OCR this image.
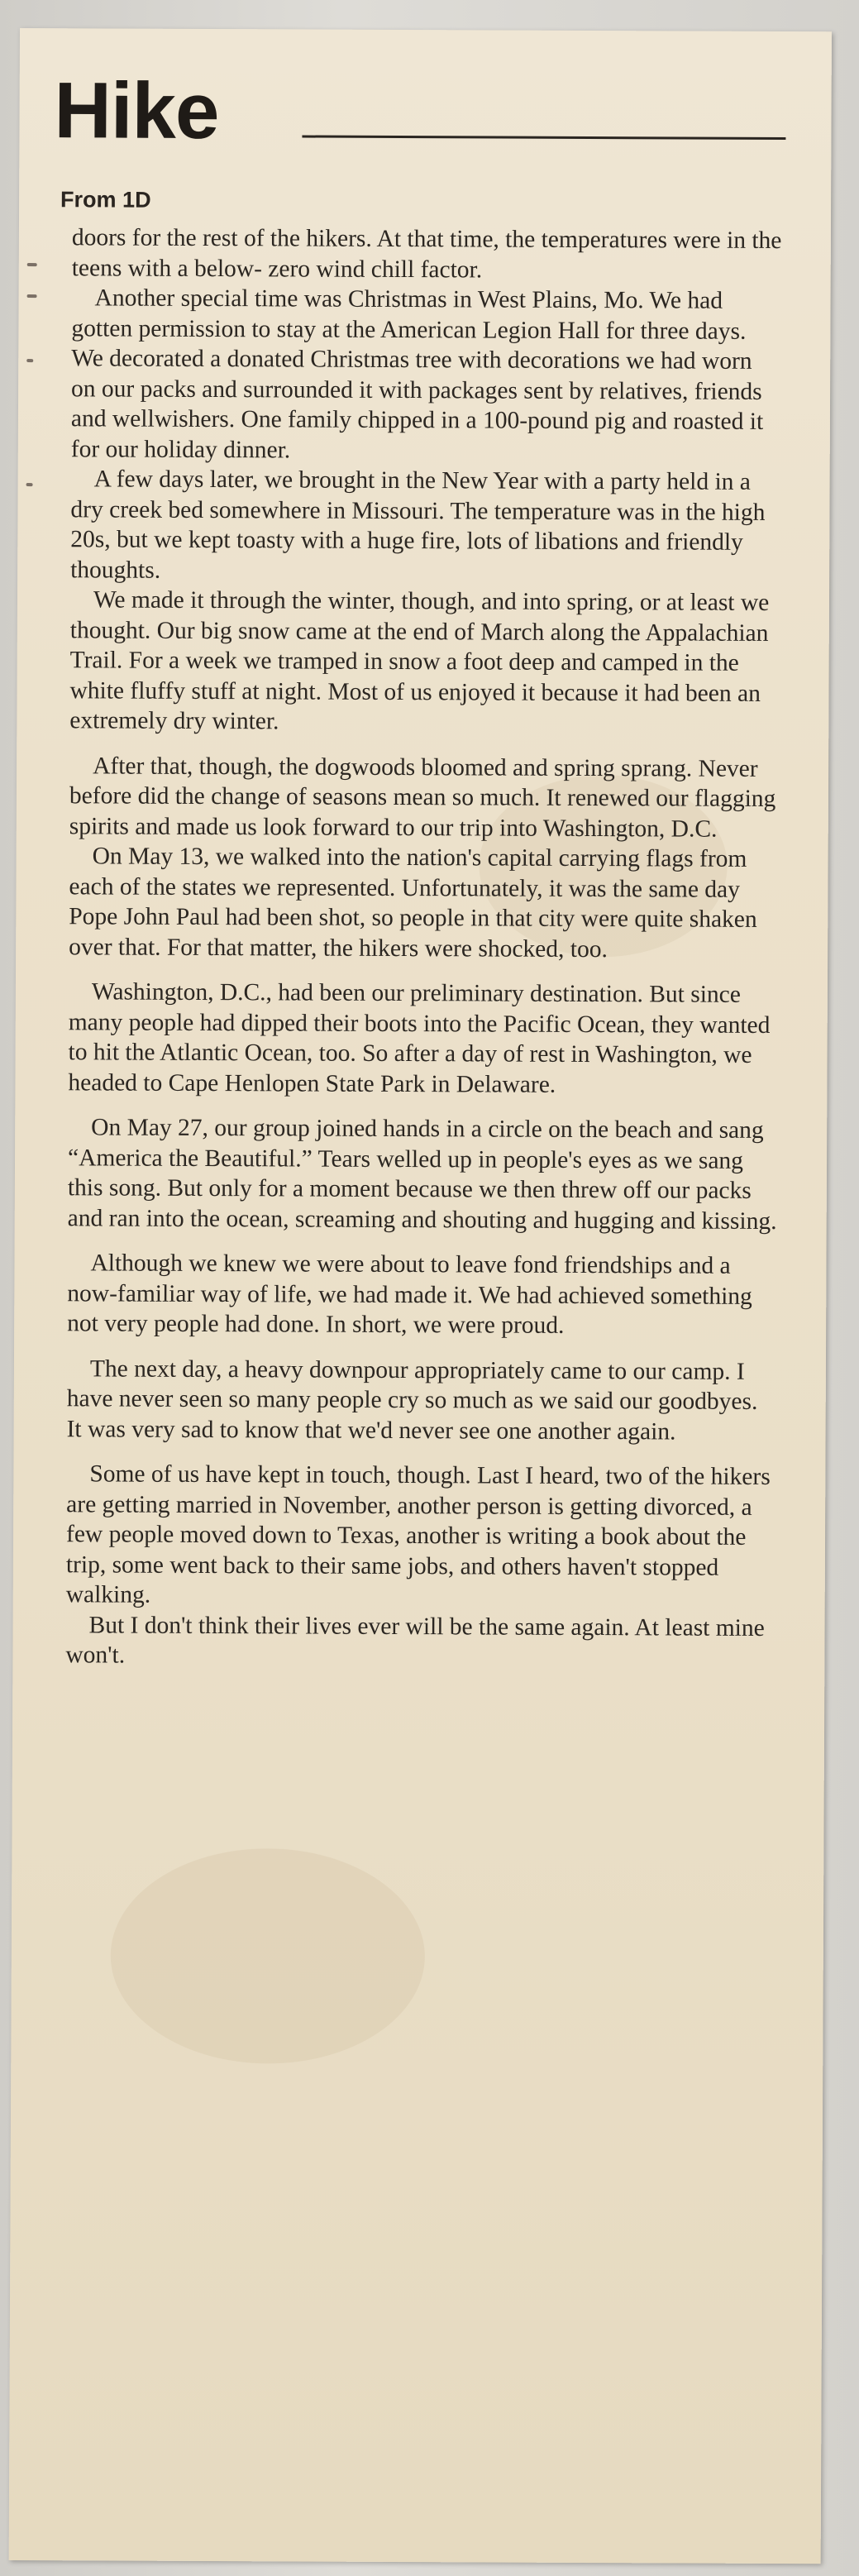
Hike
From 1D

doors for the rest of the hikers. At that time, the temperatures were in the teens with a below- zero wind chill factor.

Another special time was Christmas in West Plains, Mo. We had gotten permission to stay at the American Legion Hall for three days. We decorated a donated Christmas tree with decorations we had worn on our packs and surrounded it with packages sent by relatives, friends and wellwishers. One family chipped in a 100-pound pig and roasted it for our holiday dinner.

A few days later, we brought in the New Year with a party held in a dry creek bed somewhere in Missouri. The temperature was in the high 20s, but we kept toasty with a huge fire, lots of libations and friendly thoughts.

We made it through the winter, though, and into spring, or at least we thought. Our big snow came at the end of March along the Appalachian Trail. For a week we tramped in snow a foot deep and camped in the white fluffy stuff at night. Most of us enjoyed it because it had been an extremely dry winter.

After that, though, the dogwoods bloomed and spring sprang. Never before did the change of seasons mean so much. It renewed our flagging spirits and made us look forward to our trip into Washington, D.C.

On May 13, we walked into the nation's capital carrying flags from each of the states we represented. Unfortunately, it was the same day Pope John Paul had been shot, so people in that city were quite shaken over that. For that matter, the hikers were shocked, too.

Washington, D.C., had been our preliminary destination. But since many people had dipped their boots into the Pacific Ocean, they wanted to hit the Atlantic Ocean, too. So after a day of rest in Washington, we headed to Cape Henlopen State Park in Delaware.

On May 27, our group joined hands in a circle on the beach and sang “America the Beautiful.” Tears welled up in people's eyes as we sang this song. But only for a moment because we then threw off our packs and ran into the ocean, screaming and shouting and hugging and kissing.

Although we knew we were about to leave fond friendships and a now-familiar way of life, we had made it. We had achieved something not very people had done. In short, we were proud.

The next day, a heavy downpour appropriately came to our camp. I have never seen so many people cry so much as we said our goodbyes. It was very sad to know that we'd never see one another again.

Some of us have kept in touch, though. Last I heard, two of the hikers are getting married in November, another person is getting divorced, a few people moved down to Texas, another is writing a book about the trip, some went back to their same jobs, and others haven't stopped walking.

But I don't think their lives ever will be the same again. At least mine won't.
